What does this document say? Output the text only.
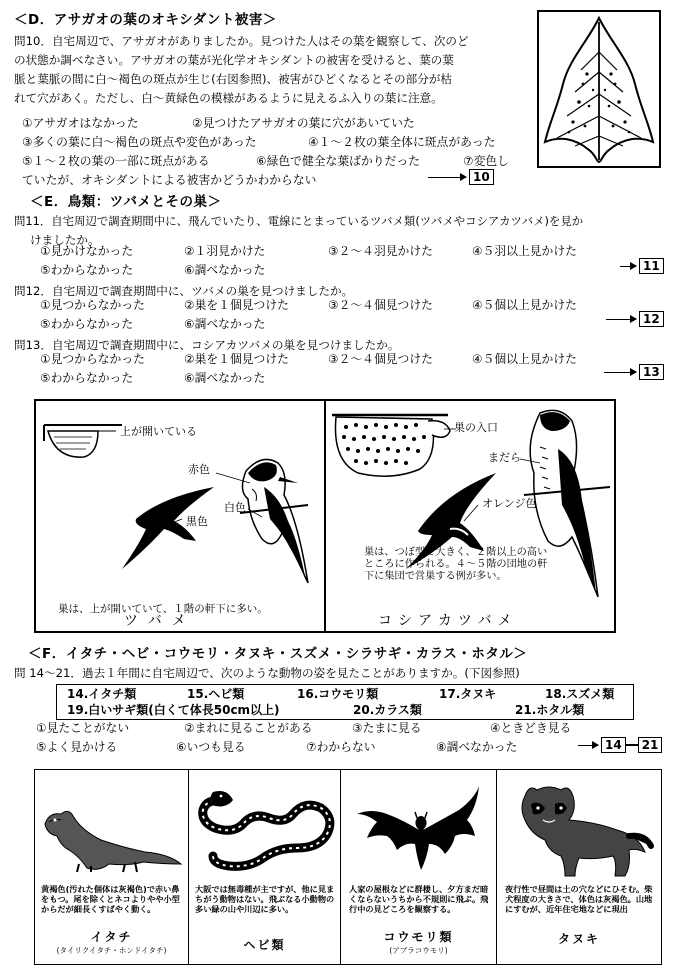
＜D．アサガオの葉のオキシダント被害＞
問10．自宅周辺で、アサガオがありましたか。見つけた人はその葉を観察して、次のど
の状態か調べなさい。アサガオの葉が光化学オキシダントの被害を受けると、葉の葉
脈と葉脈の間に白～褐色の斑点が生じ(右図参照)、被害がひどくなるとその部分が枯
れて穴があく。ただし、白～黄緑色の模様があるように見えるふ入りの葉に注意。
①アサガオはなかった	②見つけたアサガオの葉に穴があいていた
③多くの葉に白～褐色の斑点や変色があった	④１～２枚の葉全体に斑点があった
⑤１～２枚の葉の一部に斑点がある	⑥緑色で健全な葉ばかりだった	⑦変色し
ていたが、オキシダントによる被害かどうかわからない	10
＜E．鳥類：ツバメとその巣＞
問11．自宅周辺で調査期間中に、飛んでいたり、電線にとまっているツバメ類(ツバメやコシアカツバメ)を見か
けましたか。
①見かけなかった	②１羽見かけた	③２～４羽見かけた	④５羽以上見かけた
⑤わからなかった	⑥調べなかった	11
問12．自宅周辺で調査期間中に、ツバメの巣を見つけましたか。
①見つからなかった	②巣を１個見つけた	③２～４個見つけた	④５個以上見かけた
⑤わからなかった	⑥調べなかった	12
問13．自宅周辺で調査期間中に、コシアカツバメの巣を見つけましたか。
①見つからなかった	②巣を１個見つけた	③２～４個見つけた	④５個以上見かけた
⑤わからなかった	⑥調べなかった	13
上が開いている
赤色
白色
黒色
巣は、上が開いていて、１階の軒下に多い。
巣の入口
まだら
オレンジ色
巣は、つぼ型で大きく、２階以上の高いところに作られる。４～５階の団地の軒下に集団で営巣する例が多い。
ツバメ	コシアカツバメ
＜F．イタチ・ヘビ・コウモリ・タヌキ・スズメ・シラサギ・カラス・ホタル＞
問 14～21．過去１年間に自宅周辺で、次のような動物の姿を見たことがありますか。(下図参照)
14.イタチ類	15.ヘビ類	16.コウモリ類	17.タヌキ	18.スズメ類
19.白いサギ類(白くて体長50cm以上)	20.カラス類	21.ホタル類
①見たことがない	②まれに見ることがある	③たまに見る	④ときどき見る
⑤よく見かける	⑥いつも見る	⑦わからない	⑧調べなかった	14	21
黄褐色(汚れた個体は灰褐色)で赤い鼻をもつ。尾を除くとネコよりやや小型からだが細長くすばやく動く。
イタチ
(タイリクイタチ・ホンドイタチ)
大阪では無毒種が主ですが、他に見まちがう動物はない。飛ぶなる小動物の多い緑の山や川辺に多い。
ヘビ類
人家の屋根などに群棲し、夕方まだ暗くならないうちから不規則に飛ぶ。飛行中の見どころを観察する。
コウモリ類
(アブラコウモリ)
夜行性で昼間は土の穴などにひそむ。柴犬程度の大きさで、体色は灰褐色。山地にすむが、近年住宅地などに現出
タヌキ
